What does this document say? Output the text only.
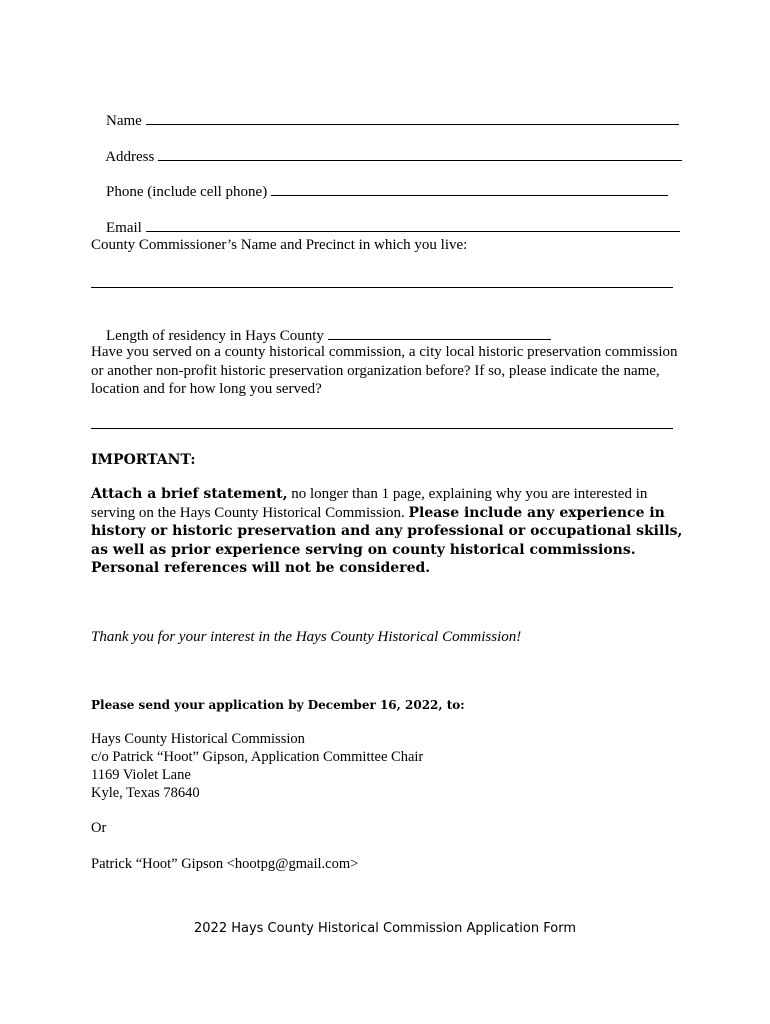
Name

Address

Phone (include cell phone)

Email

County Commissioner’s Name and Precinct in which you live:

Length of residency in Hays County

Have you served on a county historical commission, a city local historic preservation commission or another non-profit historic preservation organization before? If so, please indicate the name, location and for how long you served?
IMPORTANT:
Attach a brief statement, no longer than 1 page, explaining why you are interested in serving on the Hays County Historical Commission. Please include any experience in history or historic preservation and any professional or occupational skills, as well as prior experience serving on county historical commissions. Personal references will not be considered.
Thank you for your interest in the Hays County Historical Commission!
Please send your application by December 16, 2022, to:
Hays County Historical Commission
c/o Patrick “Hoot” Gipson, Application Committee Chair
1169 Violet Lane
Kyle, Texas 78640
Or
Patrick “Hoot” Gipson <hootpg@gmail.com>
2022 Hays County Historical Commission Application Form
